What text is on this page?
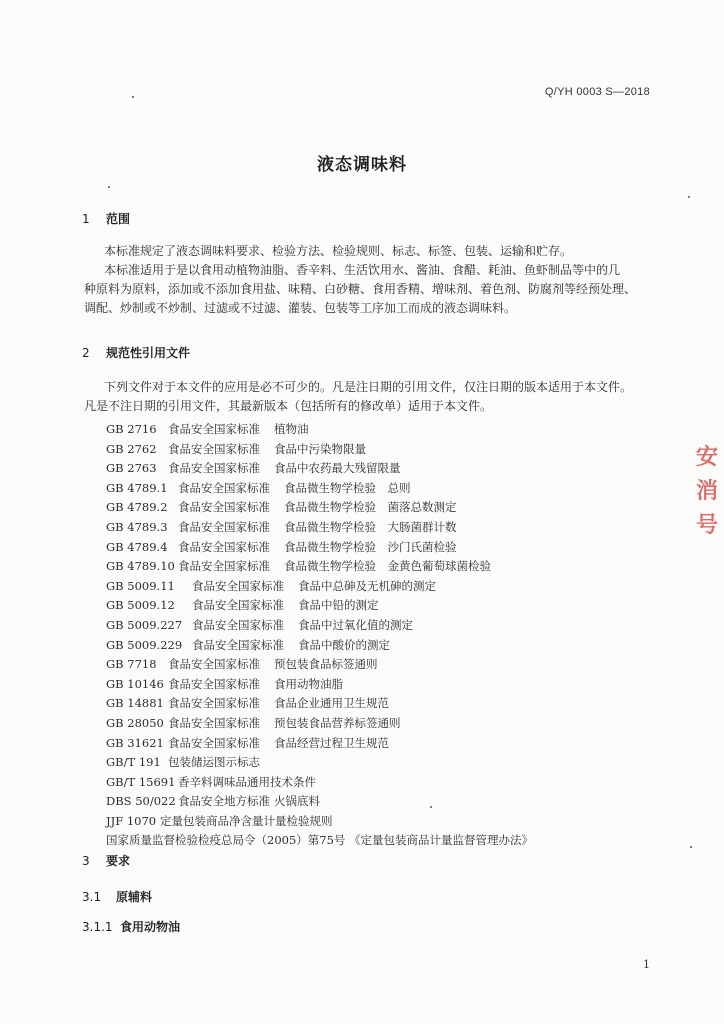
Q/YH 0003 S—2018
液态调味料
1 范围

本标准规定了液态调味料要求、检验方法、检验规则、标志、标签、包装、运输和贮存。
本标准适用于是以食用动植物油脂、香辛料、生活饮用水、酱油、食醋、耗油、鱼虾制品等中的几
种原料为原料，添加或不添加食用盐、味精、白砂糖、食用香精、增味剂、着色剂、防腐剂等经预处理、
调配、炒制或不炒制、过滤或不过滤、灌装、包装等工序加工而成的液态调味料。

2 规范性引用文件

下列文件对于本文件的应用是必不可少的。凡是注日期的引用文件，仅注日期的版本适用于本文件。
凡是不注日期的引用文件，其最新版本（包括所有的修改单）适用于本文件。

GB 2716 食品安全国家标准 植物油
GB 2762 食品安全国家标准 食品中污染物限量
GB 2763 食品安全国家标准 食品中农药最大残留限量
GB 4789.1 食品安全国家标准 食品微生物学检验　总则
GB 4789.2 食品安全国家标准 食品微生物学检验　菌落总数测定
GB 4789.3 食品安全国家标准 食品微生物学检验　大肠菌群计数
GB 4789.4 食品安全国家标准 食品微生物学检验　沙门氏菌检验
GB 4789.10 食品安全国家标准 食品微生物学检验　金黄色葡萄球菌检验
GB 5009.11 食品安全国家标准 食品中总砷及无机砷的测定
GB 5009.12 食品安全国家标准 食品中铅的测定
GB 5009.227 食品安全国家标准 食品中过氧化值的测定
GB 5009.229 食品安全国家标准 食品中酸价的测定
GB 7718 食品安全国家标准 预包装食品标签通则
GB 10146 食品安全国家标准 食用动物油脂
GB 14881 食品安全国家标准 食品企业通用卫生规范
GB 28050 食品安全国家标准 预包装食品营养标签通则
GB 31621 食品安全国家标准 食品经营过程卫生规范
GB/T 191 包装储运图示标志
GB/T 15691 香辛料调味品通用技术条件
DBS 50/022 食品安全地方标准 火锅底料
JJF 1070 定量包装商品净含量计量检验规则
国家质量监督检验检疫总局令（2005）第75号 《定量包装商品计量监督管理办法》
3 要求
3.1 原辅料
3.1.1 食用动物油
1
安
消
号
